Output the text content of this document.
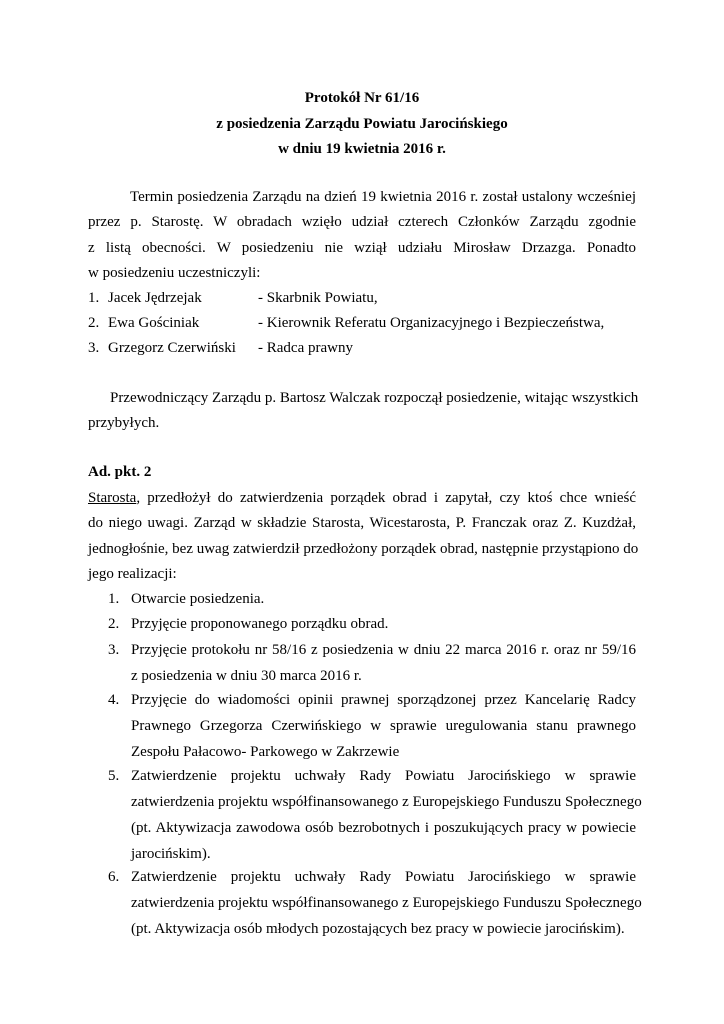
Protokół Nr 61/16
z posiedzenia Zarządu Powiatu Jarocińskiego
w dniu 19 kwietnia 2016 r.
Termin posiedzenia Zarządu na dzień 19 kwietnia 2016 r. został ustalony wcześniej
przez p. Starostę. W obradach wzięło udział czterech Członków Zarządu zgodnie
z listą obecności. W posiedzeniu nie wziął udziału Mirosław Drzazga. Ponadto
w posiedzeniu uczestniczyli:
1. Jacek Jędrzejak	- Skarbnik Powiatu,
2. Ewa Gościniak	- Kierownik Referatu Organizacyjnego i Bezpieczeństwa,
3. Grzegorz Czerwiński - Radca prawny
Przewodniczący Zarządu p. Bartosz Walczak rozpoczął posiedzenie, witając wszystkich
przybyłych.
Ad. pkt. 2
Starosta, przedłożył do zatwierdzenia porządek obrad i zapytał, czy ktoś chce wnieść
do niego uwagi. Zarząd w składzie Starosta, Wicestarosta, P. Franczak oraz Z. Kuzdżał,
jednogłośnie, bez uwag zatwierdził przedłożony porządek obrad, następnie przystąpiono do
jego realizacji:
1. Otwarcie posiedzenia.
2. Przyjęcie proponowanego porządku obrad.
3. Przyjęcie protokołu nr 58/16 z posiedzenia w dniu 22 marca 2016 r. oraz nr 59/16
z posiedzenia w dniu 30 marca 2016 r.
4. Przyjęcie do wiadomości opinii prawnej sporządzonej przez Kancelarię Radcy
Prawnego Grzegorza Czerwińskiego w sprawie uregulowania stanu prawnego
Zespołu Pałacowo- Parkowego w Zakrzewie
5. Zatwierdzenie projektu uchwały Rady Powiatu Jarocińskiego w sprawie
zatwierdzenia projektu współfinansowanego z Europejskiego Funduszu Społecznego
(pt. Aktywizacja zawodowa osób bezrobotnych i poszukujących pracy w powiecie
jarocińskim).
6. Zatwierdzenie projektu uchwały Rady Powiatu Jarocińskiego w sprawie
zatwierdzenia projektu współfinansowanego z Europejskiego Funduszu Społecznego
(pt. Aktywizacja osób młodych pozostających bez pracy w powiecie jarocińskim).
